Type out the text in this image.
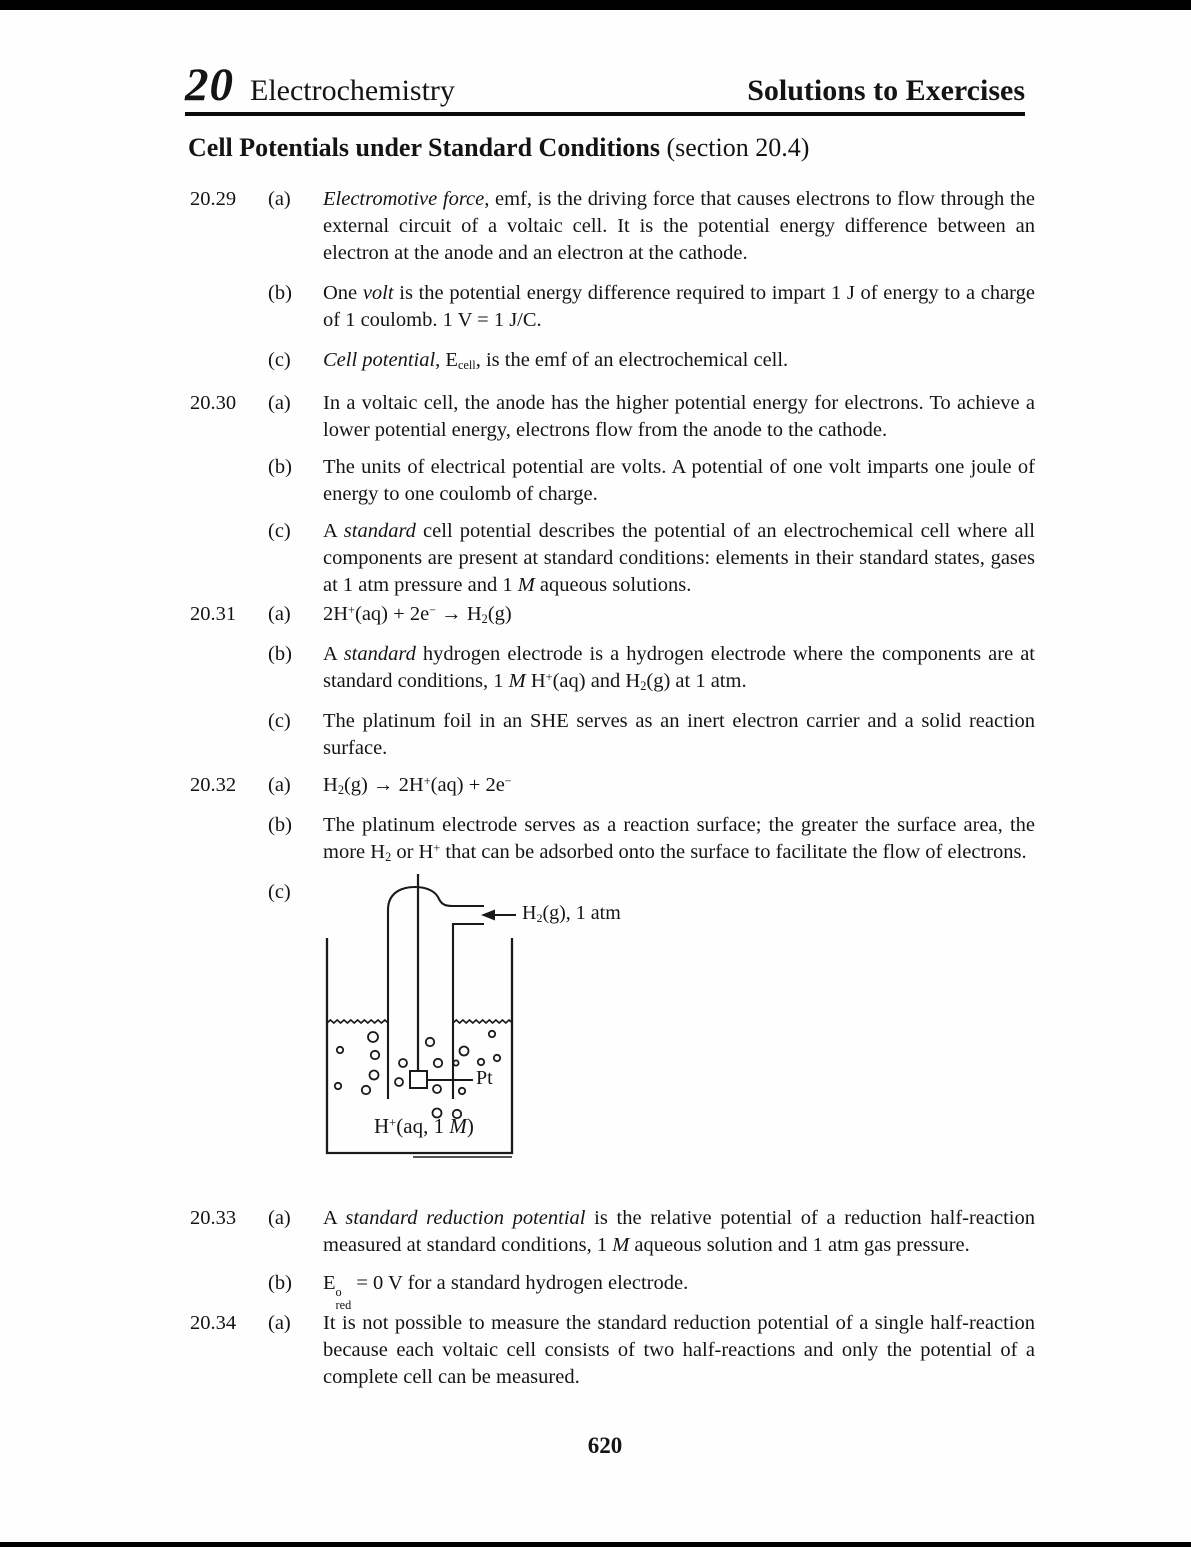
20 Electrochemistry	Solutions to Exercises
Cell Potentials under Standard Conditions (section 20.4)
20.29	(a)	Electromotive force, emf, is the driving force that causes electrons to flow through the external circuit of a voltaic cell. It is the potential energy difference between an electron at the anode and an electron at the cathode.
(b)	One volt is the potential energy difference required to impart 1 J of energy to a charge of 1 coulomb. 1 V = 1 J/C.
(c)	Cell potential, $E_{cell}$, is the emf of an electrochemical cell.
20.30	(a)	In a voltaic cell, the anode has the higher potential energy for electrons. To achieve a lower potential energy, electrons flow from the anode to the cathode.
(b)	The units of electrical potential are volts. A potential of one volt imparts one joule of energy to one coulomb of charge.
(c)	A standard cell potential describes the potential of an electrochemical cell where all components are present at standard conditions: elements in their standard states, gases at 1 atm pressure and 1 M aqueous solutions.
20.31	(a)	$2H^+(aq) + 2e^- \to H_2(g)$
(b)	A standard hydrogen electrode is a hydrogen electrode where the components are at standard conditions, 1 M H+(aq) and $H_2(g)$ at 1 atm.
(c)	The platinum foil in an SHE serves as an inert electron carrier and a solid reaction surface.
20.32	(a)	$H_2(g) \to 2H^+(aq) + 2e^-$
(b)	The platinum electrode serves as a reaction surface; the greater the surface area, the more $H_2$ or H+ that can be adsorbed onto the surface to facilitate the flow of electrons.
(c)
$H_2(g)$, 1 atm
Pt
H+(aq, 1 M)
20.33	(a)	A standard reduction potential is the relative potential of a reduction half-reaction measured at standard conditions, 1 M aqueous solution and 1 atm gas pressure.
(b)	E o
red
= 0 V for a standard hydrogen electrode.
20.34	(a)	It is not possible to measure the standard reduction potential of a single half-reaction because each voltaic cell consists of two half-reactions and only the potential of a complete cell can be measured.
620
